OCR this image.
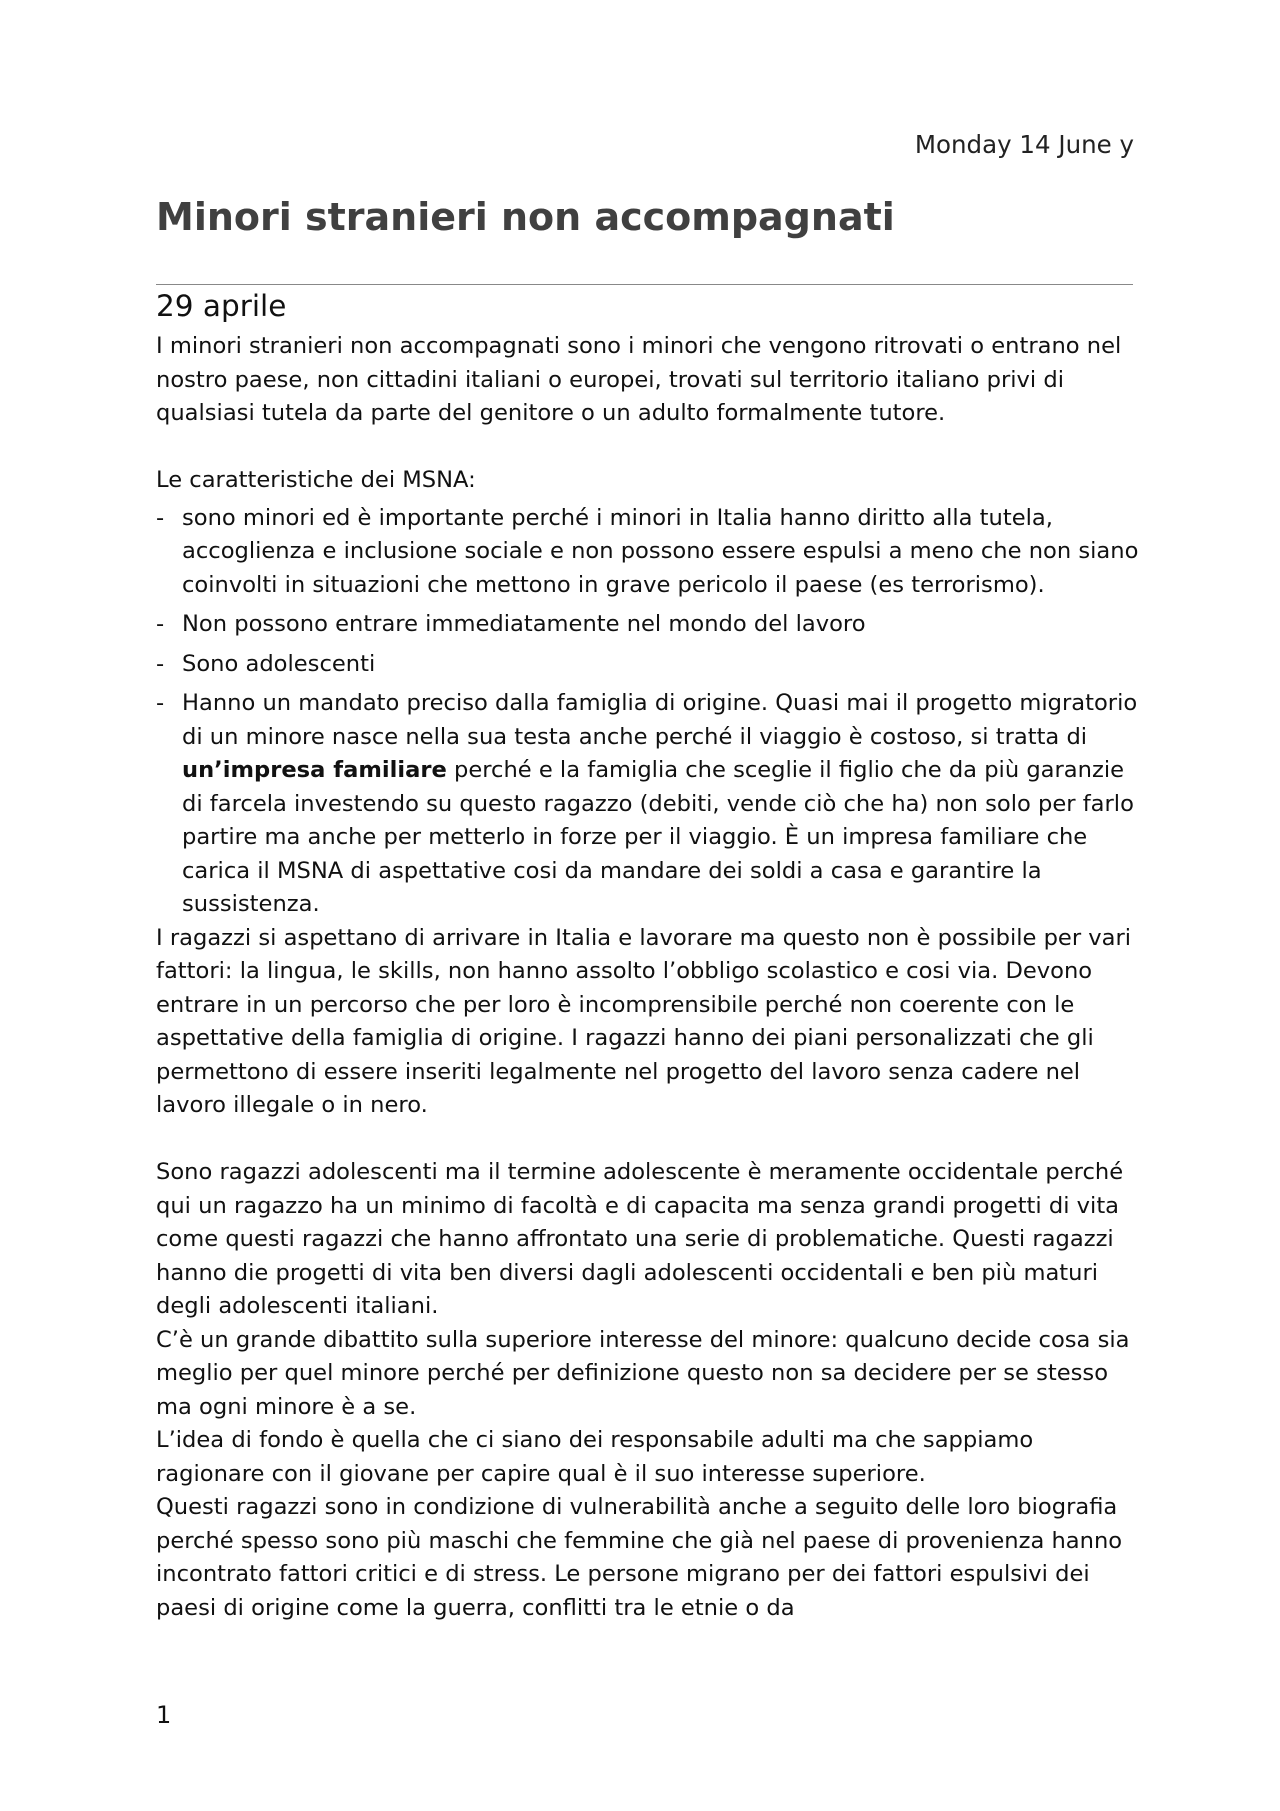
Monday 14 June y
Minori stranieri non accompagnati
29 aprile

I minori stranieri non accompagnati sono i minori che vengono ritrovati o entrano nel nostro paese, non cittadini italiani o europei, trovati sul territorio italiano privi di qualsiasi tutela da parte del genitore o un adulto formalmente tutore.

Le caratteristiche dei MSNA:

- sono minori ed è importante perché i minori in Italia hanno diritto alla tutela, accoglienza e inclusione sociale e non possono essere espulsi a meno che non siano coinvolti in situazioni che mettono in grave pericolo il paese (es terrorismo).
- Non possono entrare immediatamente nel mondo del lavoro
- Sono adolescenti
- Hanno un mandato preciso dalla famiglia di origine. Quasi mai il progetto migratorio di un minore nasce nella sua testa anche perché il viaggio è costoso, si tratta di un’impresa familiare perché e la famiglia che sceglie il figlio che da più garanzie di farcela investendo su questo ragazzo (debiti, vende ciò che ha) non solo per farlo partire ma anche per metterlo in forze per il viaggio. È un impresa familiare che carica il MSNA di aspettative cosi da mandare dei soldi a casa e garantire la sussistenza.

I ragazzi si aspettano di arrivare in Italia e lavorare ma questo non è possibile per vari fattori: la lingua, le skills, non hanno assolto l’obbligo scolastico e cosi via. Devono entrare in un percorso che per loro è incomprensibile perché non coerente con le aspettative della famiglia di origine. I ragazzi hanno dei piani personalizzati che gli permettono di essere inseriti legalmente nel progetto del lavoro senza cadere nel lavoro illegale o in nero.

Sono ragazzi adolescenti ma il termine adolescente è meramente occidentale perché qui un ragazzo ha un minimo di facoltà e di capacita ma senza grandi progetti di vita come questi ragazzi che hanno affrontato una serie di problematiche. Questi ragazzi hanno die progetti di vita ben diversi dagli adolescenti occidentali e ben più maturi degli adolescenti italiani.

C’è un grande dibattito sulla superiore interesse del minore: qualcuno decide cosa sia meglio per quel minore perché per definizione questo non sa decidere per se stesso ma ogni minore è a se.

L’idea di fondo è quella che ci siano dei responsabile adulti ma che sappiamo ragionare con il giovane per capire qual è il suo interesse superiore.

Questi ragazzi sono in condizione di vulnerabilità anche a seguito delle loro biografia perché spesso sono più maschi che femmine che già nel paese di provenienza hanno incontrato fattori critici e di stress. Le persone migrano per dei fattori espulsivi dei paesi di origine come la guerra, conflitti tra le etnie o da

1
